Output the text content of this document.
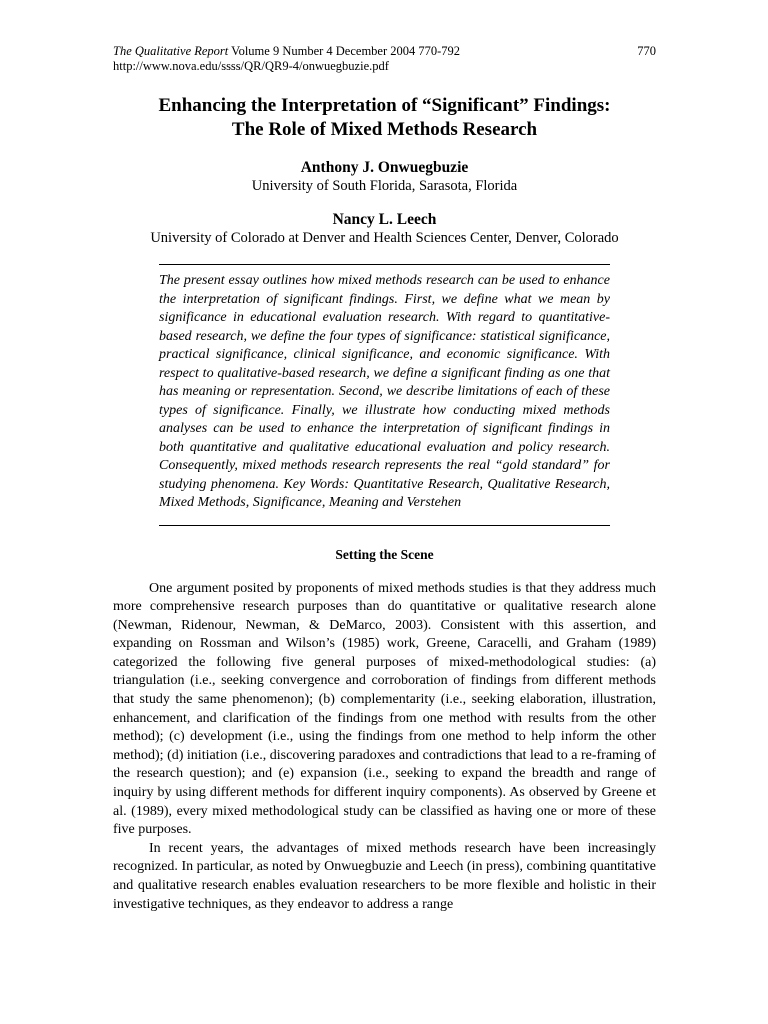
The Qualitative Report Volume 9 Number 4 December 2004 770-792
http://www.nova.edu/ssss/QR/QR9-4/onwuegbuzie.pdf
770
Enhancing the Interpretation of “Significant” Findings:
The Role of Mixed Methods Research
Anthony J. Onwuegbuzie
University of South Florida, Sarasota, Florida
Nancy L. Leech
University of Colorado at Denver and Health Sciences Center, Denver, Colorado

The present essay outlines how mixed methods research can be used to enhance the interpretation of significant findings. First, we define what we mean by significance in educational evaluation research. With regard to quantitative-based research, we define the four types of significance: statistical significance, practical significance, clinical significance, and economic significance. With respect to qualitative-based research, we define a significant finding as one that has meaning or representation. Second, we describe limitations of each of these types of significance. Finally, we illustrate how conducting mixed methods analyses can be used to enhance the interpretation of significant findings in both quantitative and qualitative educational evaluation and policy research. Consequently, mixed methods research represents the real “gold standard” for studying phenomena. Key Words: Quantitative Research, Qualitative Research, Mixed Methods, Significance, Meaning and Verstehen

Setting the Scene

One argument posited by proponents of mixed methods studies is that they address much more comprehensive research purposes than do quantitative or qualitative research alone (Newman, Ridenour, Newman, & DeMarco, 2003). Consistent with this assertion, and expanding on Rossman and Wilson’s (1985) work, Greene, Caracelli, and Graham (1989) categorized the following five general purposes of mixed-methodological studies: (a) triangulation (i.e., seeking convergence and corroboration of findings from different methods that study the same phenomenon); (b) complementarity (i.e., seeking elaboration, illustration, enhancement, and clarification of the findings from one method with results from the other method); (c) development (i.e., using the findings from one method to help inform the other method); (d) initiation (i.e., discovering paradoxes and contradictions that lead to a re-framing of the research question); and (e) expansion (i.e., seeking to expand the breadth and range of inquiry by using different methods for different inquiry components). As observed by Greene et al. (1989), every mixed methodological study can be classified as having one or more of these five purposes.

In recent years, the advantages of mixed methods research have been increasingly recognized. In particular, as noted by Onwuegbuzie and Leech (in press), combining quantitative and qualitative research enables evaluation researchers to be more flexible and holistic in their investigative techniques, as they endeavor to address a range
